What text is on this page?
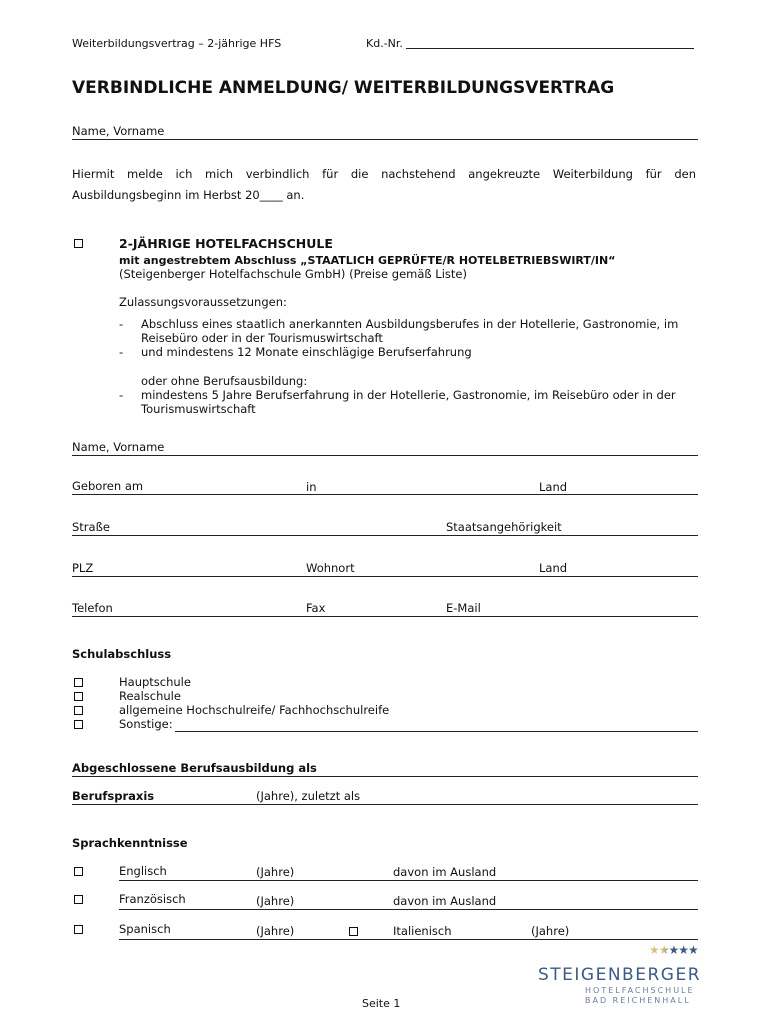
Weiterbildungsvertrag – 2-jährige HFS	Kd.-Nr.
VERBINDLICHE ANMELDUNG/ WEITERBILDUNGSVERTRAG
Name, Vorname
Hiermit melde ich mich verbindlich für die nachstehend angekreuzte Weiterbildung für den
Ausbildungsbeginn im Herbst 20____ an.
2-JÄHRIGE HOTELFACHSCHULE
mit angestrebtem Abschluss „STAATLICH GEPRÜFTE/R HOTELBETRIEBSWIRT/IN“
(Steigenberger Hotelfachschule GmbH) (Preise gemäß Liste)
Zulassungsvoraussetzungen:
- Abschluss eines staatlich anerkannten Ausbildungsberufes in der Hotellerie, Gastronomie, im
Reisebüro oder in der Tourismuswirtschaft
- und mindestens 12 Monate einschlägige Berufserfahrung
oder ohne Berufsausbildung:
- mindestens 5 Jahre Berufserfahrung in der Hotellerie, Gastronomie, im Reisebüro oder in der
Tourismuswirtschaft
Name, Vorname
Geboren am	in	Land
Straße	Staatsangehörigkeit
PLZ	Wohnort	Land
Telefon	Fax	E-Mail
Schulabschluss
Hauptschule
Realschule
allgemeine Hochschulreife/ Fachhochschulreife
Sonstige:
Abgeschlossene Berufsausbildung als
Berufspraxis	(Jahre), zuletzt als
Sprachkenntnisse
Englisch	(Jahre)	davon im Ausland
Französisch	(Jahre)	davon im Ausland
Spanisch	(Jahre)	Italienisch	(Jahre)
★★★★★
STEIGENBERGER
HOTELFACHSCHULE
BAD REICHENHALL
Seite 1
